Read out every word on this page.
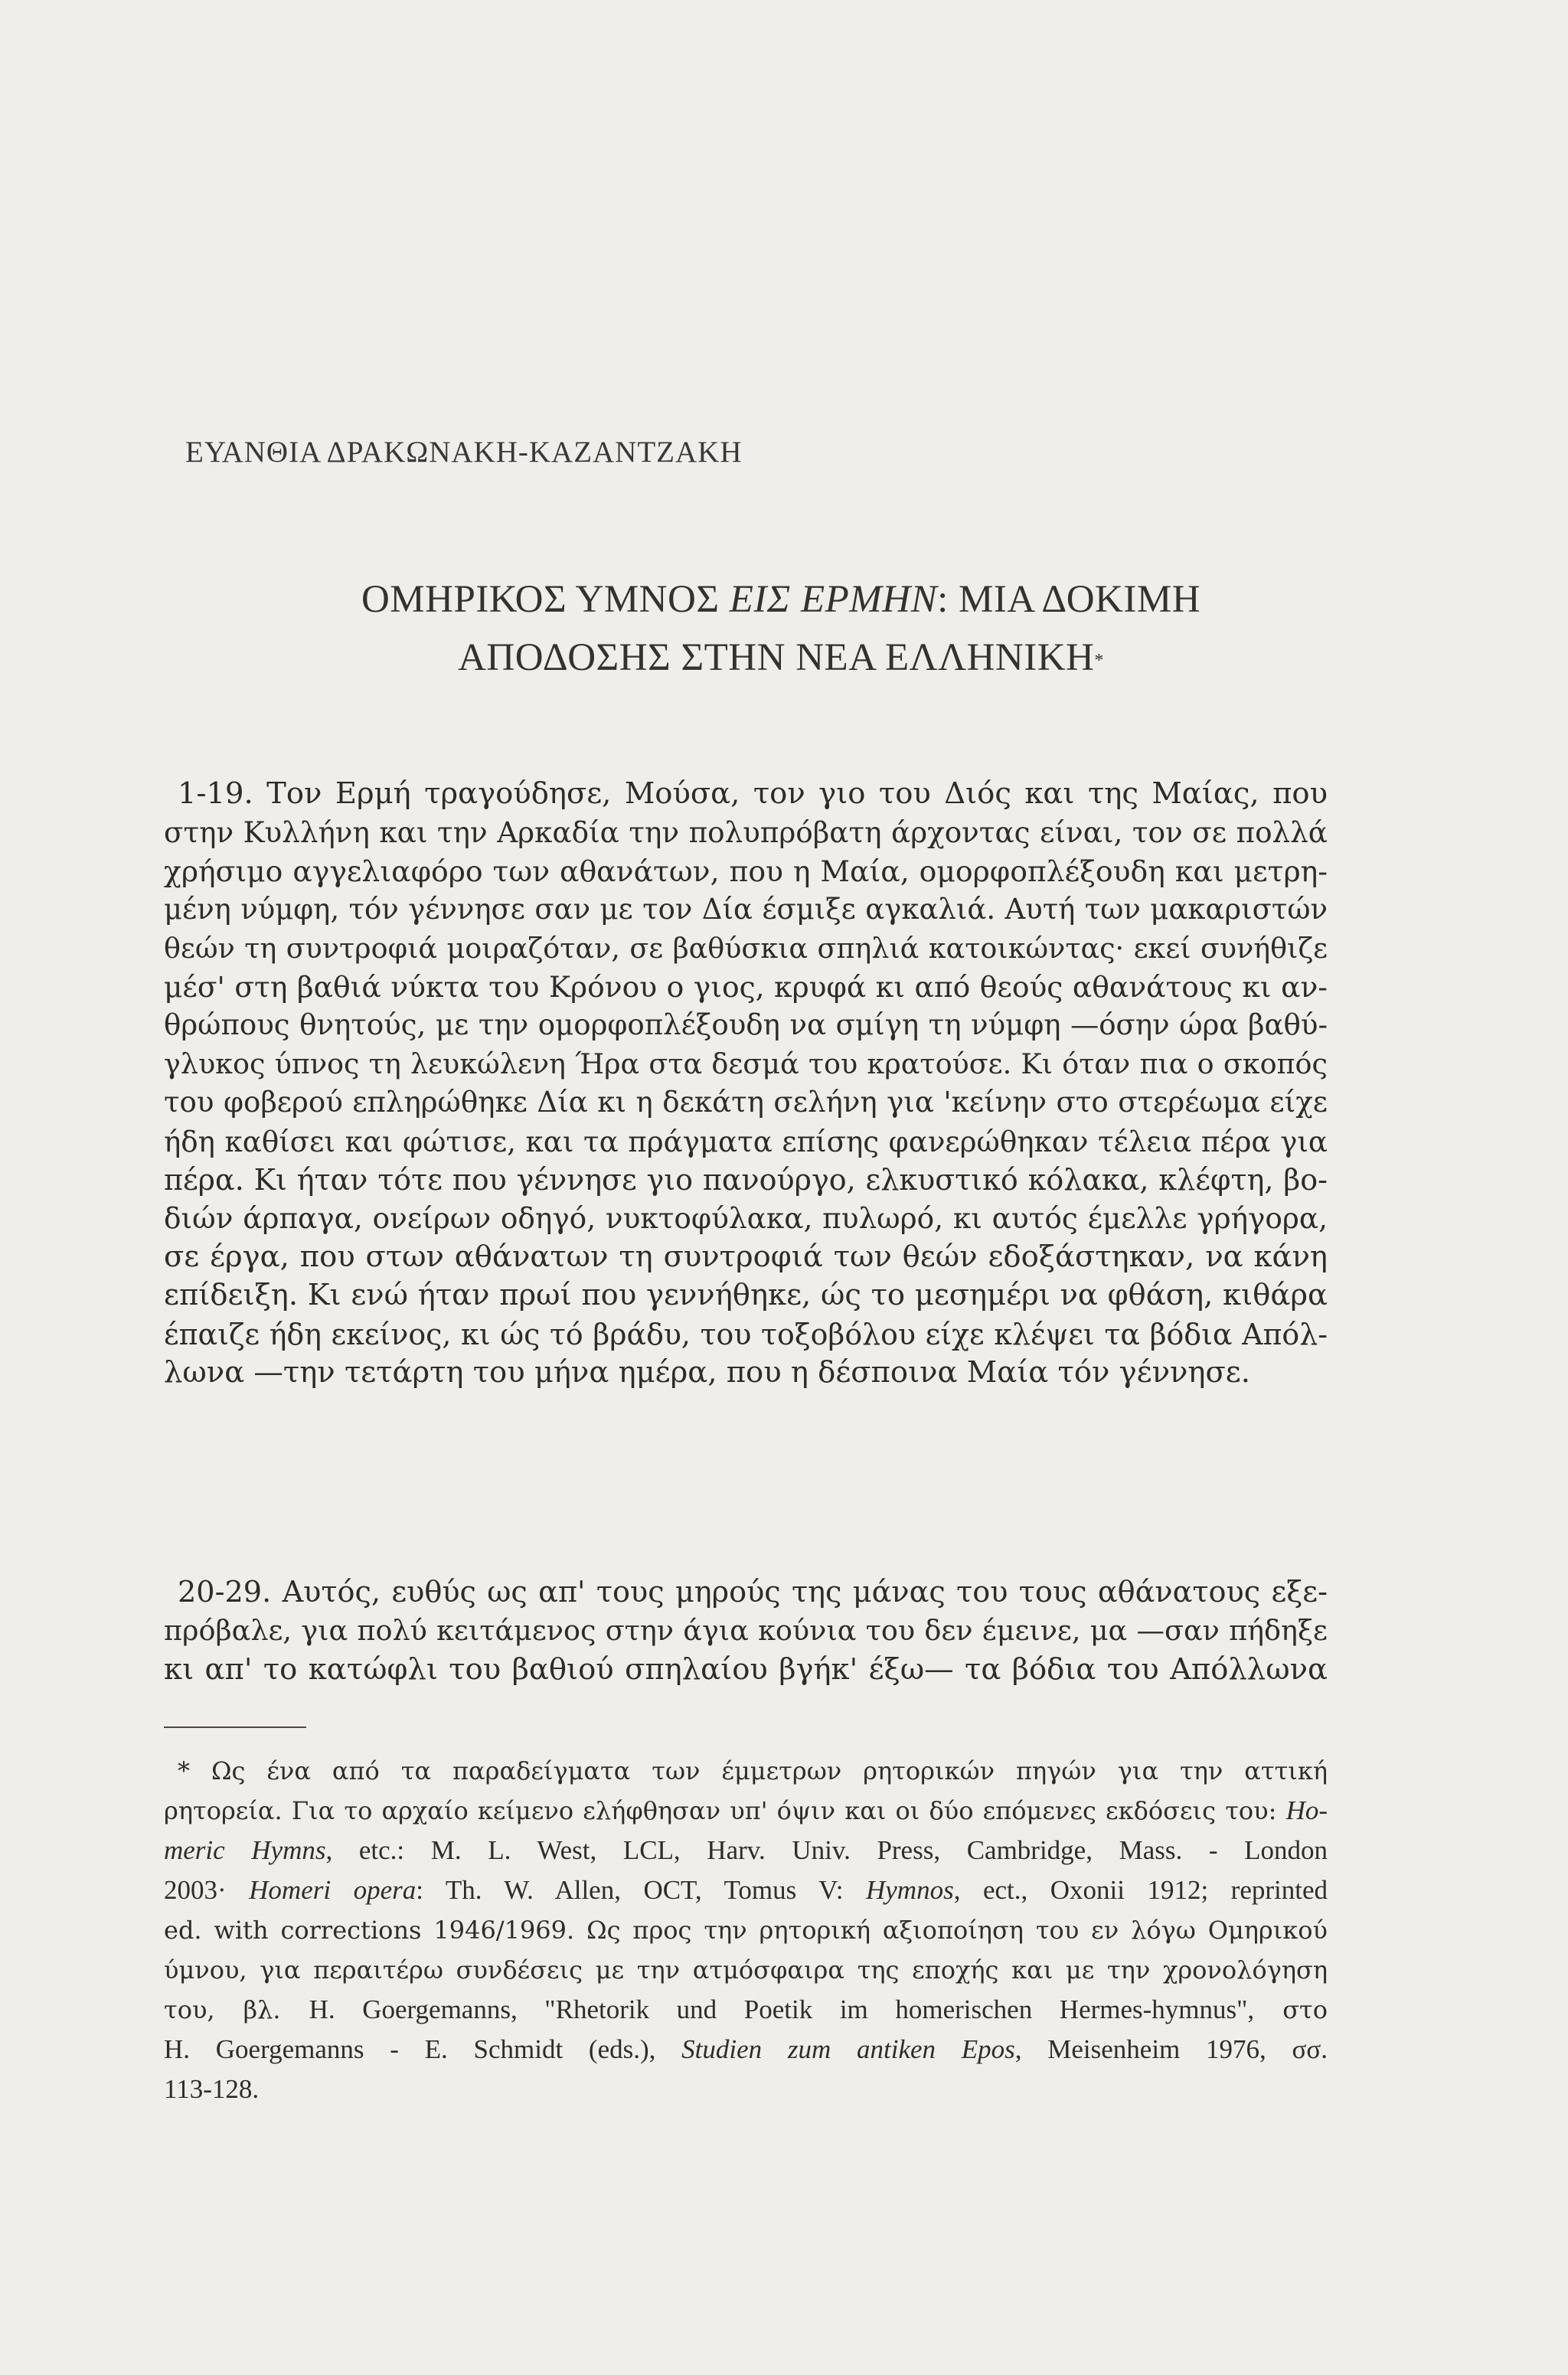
ΕΥΑΝΘΙΑ ΔΡΑΚΩΝΑΚΗ-ΚΑΖΑΝΤΖΑΚΗ
ΟΜΗΡΙΚΟΣ ΥΜΝΟΣ ΕΙΣ ΕΡΜΗΝ: ΜΙΑ ΔΟΚΙΜΗ
ΑΠΟΔΟΣΗΣ ΣΤΗΝ ΝΕΑ ΕΛΛΗΝΙΚΗ*
1-19. Τον Ερμή τραγούδησε, Μούσα, τον γιο του Διός και της Μαίας, που
στην Κυλλήνη και την Αρκαδία την πολυπρόβατη άρχοντας είναι, τον σε πολλά
χρήσιμο αγγελιαφόρο των αθανάτων, που η Μαία, ομορφοπλέξουδη και μετρη-
μένη νύμφη, τόν γέννησε σαν με τον Δία έσμιξε αγκαλιά. Αυτή των μακαριστών
θεών τη συντροφιά μοιραζόταν, σε βαθύσκια σπηλιά κατοικώντας· εκεί συνήθιζε
μέσ' στη βαθιά νύκτα του Κρόνου ο γιος, κρυφά κι από θεούς αθανάτους κι αν-
θρώπους θνητούς, με την ομορφοπλέξουδη να σμίγη τη νύμφη —όσην ώρα βαθύ-
γλυκος ύπνος τη λευκώλενη Ήρα στα δεσμά του κρατούσε. Κι όταν πια ο σκοπός
του φοβερού επληρώθηκε Δία κι η δεκάτη σελήνη για 'κείνην στο στερέωμα είχε
ήδη καθίσει και φώτισε, και τα πράγματα επίσης φανερώθηκαν τέλεια πέρα για
πέρα. Κι ήταν τότε που γέννησε γιο πανούργο, ελκυστικό κόλακα, κλέφτη, βο-
διών άρπαγα, ονείρων οδηγό, νυκτοφύλακα, πυλωρό, κι αυτός έμελλε γρήγορα,
σε έργα, που στων αθάνατων τη συντροφιά των θεών εδοξάστηκαν, να κάνη
επίδειξη. Κι ενώ ήταν πρωί που γεννήθηκε, ώς το μεσημέρι να φθάση, κιθάρα
έπαιζε ήδη εκείνος, κι ώς τό βράδυ, του τοξοβόλου είχε κλέψει τα βόδια Απόλ-
λωνα —την τετάρτη του μήνα ημέρα, που η δέσποινα Μαία τόν γέννησε.
20-29. Αυτός, ευθύς ως απ' τους μηρούς της μάνας του τους αθάνατους εξε-
πρόβαλε, για πολύ κειτάμενος στην άγια κούνια του δεν έμεινε, μα —σαν πήδηξε
κι απ' το κατώφλι του βαθιού σπηλαίου βγήκ' έξω— τα βόδια του Απόλλωνα
* Ως ένα από τα παραδείγματα των έμμετρων ρητορικών πηγών για την αττική
ρητορεία. Για το αρχαίο κείμενο ελήφθησαν υπ' όψιν και οι δύο επόμενες εκδόσεις του: Ho-
meric Hymns, etc.: M. L. West, LCL, Harv. Univ. Press, Cambridge, Mass. - London
2003· Homeri opera: Th. W. Allen, OCT, Tomus V: Hymnos, ect., Oxonii 1912; reprinted
ed. with corrections 1946/1969. Ως προς την ρητορική αξιοποίηση του εν λόγω Ομηρικού
ύμνου, για περαιτέρω συνδέσεις με την ατμόσφαιρα της εποχής και με την χρονολόγηση
του, βλ. H. Goergemanns, "Rhetorik und Poetik im homerischen Hermes-hymnus", στο
H. Goergemanns - E. Schmidt (eds.), Studien zum antiken Epos, Meisenheim 1976, σσ.
113-128.
